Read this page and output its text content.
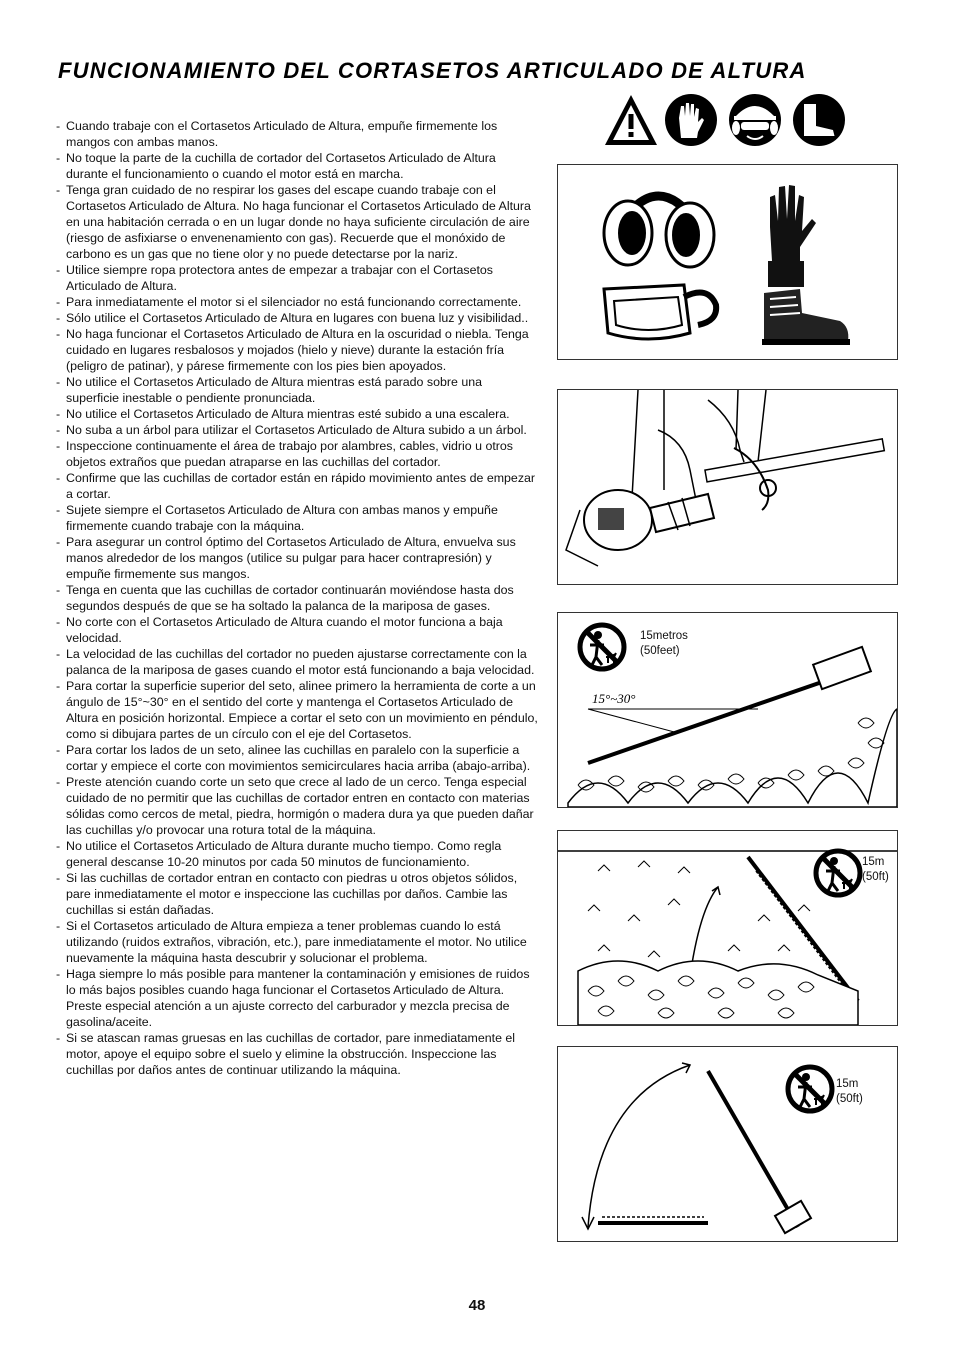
FUNCIONAMIENTO DEL CORTASETOS ARTICULADO DE ALTURA
- Cuando trabaje con el Cortasetos Articulado de Altura, empuñe firmemente los mangos con ambas manos.
- No toque la parte de la cuchilla de cortador del Cortasetos Articulado de Altura durante el funcionamiento o cuando el motor está en marcha.
- Tenga gran cuidado de no respirar los gases del escape cuando trabaje con el Cortasetos Articulado de Altura. No haga funcionar el Cortasetos Articulado de Altura en una habitación cerrada o en un lugar donde no haya suficiente circulación de aire (riesgo de asfixiarse o envenenamiento con gas). Recuerde que el monóxido de carbono es un gas que no tiene olor y no puede detectarse por la nariz.
- Utilice siempre ropa protectora antes de empezar a trabajar con el Cortasetos Articulado de Altura.
- Para inmediatamente el motor si el silenciador no está funcionando correctamente.
- Sólo utilice el Cortasetos Articulado de Altura en lugares con buena luz y visibilidad..
- No haga funcionar el Cortasetos Articulado de Altura en la oscuridad o niebla. Tenga cuidado en lugares resbalosos y mojados (hielo y nieve) durante la estación fría (peligro de patinar), y párese firmemente con los pies bien apoyados.
- No utilice el Cortasetos Articulado de Altura mientras está parado sobre una superficie inestable o pendiente pronunciada.
- No utilice el Cortasetos Articulado de Altura mientras esté subido a una escalera.
- No suba a un árbol para utilizar el Cortasetos Articulado de Altura subido a un árbol.
- Inspeccione continuamente el área de trabajo por alambres, cables, vidrio u otros objetos extraños que puedan atraparse en las cuchillas del cortador.
- Confirme que las cuchillas de cortador están en rápido movimiento antes de empezar a cortar.
- Sujete siempre el Cortasetos Articulado de Altura con ambas manos y empuñe firmemente cuando trabaje con la máquina.
- Para asegurar un control óptimo del Cortasetos Articulado de Altura, envuelva sus manos alrededor de los mangos (utilice su pulgar para hacer contrapresión) y empuñe firmemente sus mangos.
- Tenga en cuenta que las cuchillas de cortador continuarán moviéndose hasta dos segundos después de que se ha soltado la palanca de la mariposa de gases.
- No corte con el Cortasetos Articulado de Altura cuando el motor funciona a baja velocidad.
- La velocidad de las cuchillas del cortador no pueden ajustarse correctamente con la palanca de la mariposa de gases cuando el motor está funcionando a baja velocidad.
- Para cortar la superficie superior del seto, alinee primero la herramienta de corte a un ángulo de 15°~30° en el sentido del corte y mantenga el Cortasetos Articulado de Altura en posición horizontal. Empiece a cortar el seto con un movimiento en péndulo, como si dibujara partes de un círculo con el eje del Cortasetos.
- Para cortar los lados de un seto, alinee las cuchillas en paralelo con la superficie a cortar y empiece el corte con movimientos semicirculares hacia arriba (abajo-arriba).
- Preste atención cuando corte un seto que crece al lado de un cerco. Tenga especial cuidado de no permitir que las cuchillas de cortador entren en contacto con materias sólidas como cercos de metal, piedra, hormigón o madera dura ya que pueden dañar las cuchillas y/o provocar una rotura total de la máquina.
- No utilice el Cortasetos Articulado de Altura durante mucho tiempo. Como regla general descanse 10-20 minutos por cada 50 minutos de funcionamiento.
- Si las cuchillas de cortador entran en contacto con piedras u otros objetos sólidos, pare inmediatamente el motor e inspeccione las cuchillas por daños. Cambie las cuchillas si están dañadas.
- Si el Cortasetos articulado de Altura empieza a tener problemas cuando lo está utilizando (ruidos extraños, vibración, etc.), pare inmediatamente el motor. No utilice nuevamente la máquina hasta descubrir y solucionar el problema.
- Haga siempre lo más posible para mantener la contaminación y emisiones de ruidos lo más bajos posibles cuando haga funcionar el Cortasetos Articulado de Altura. Preste especial atención a un ajuste correcto del carburador y mezcla precisa de gasolina/aceite.
- Si se atascan ramas gruesas en las cuchillas de cortador, pare inmediatamente el motor, apoye el equipo sobre el suelo y elimine la obstrucción. Inspeccione las cuchillas por daños antes de continuar utilizando la máquina.
15°~30°
15metros
(50feet)
15m
(50ft)
15m
(50ft)
48
